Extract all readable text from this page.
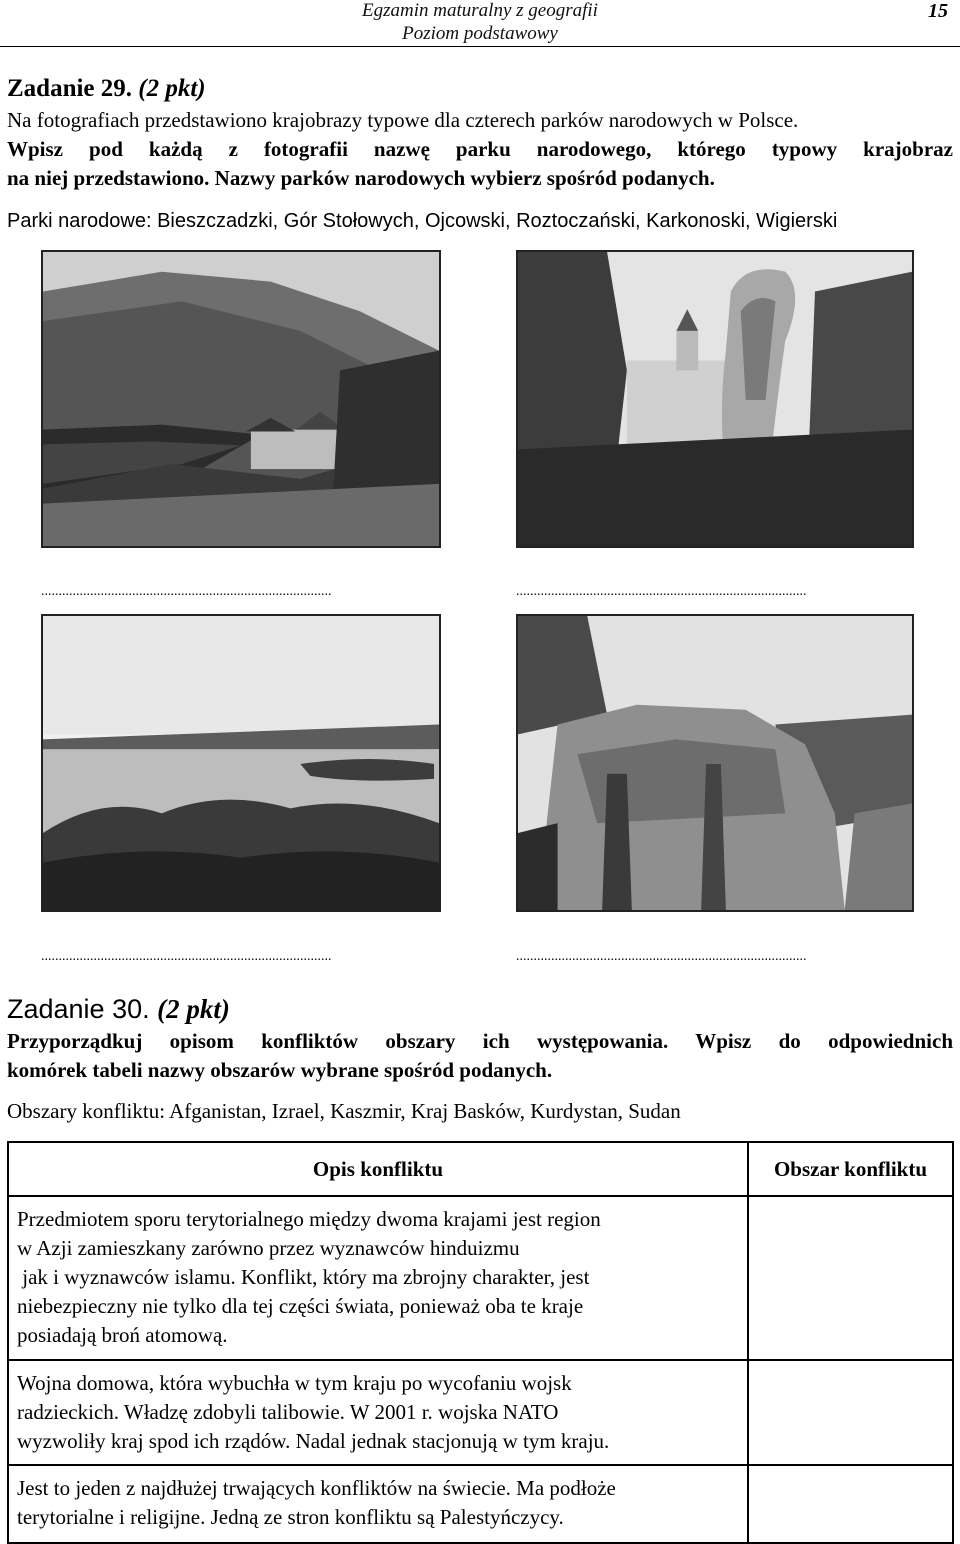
Egzamin maturalny z geografii
Poziom podstawowy
15
Zadanie 29. (2 pkt)

Na fotografiach przedstawiono krajobrazy typowe dla czterech parków narodowych w Polsce.

Wpisz pod każdą z fotografii nazwę parku narodowego, którego typowy krajobraz

na niej przedstawiono. Nazwy parków narodowych wybierz spośród podanych.

Parki narodowe: Bieszczadzki, Gór Stołowych, Ojcowski, Roztoczański, Karkonoski, Wigierski

...................................................................................	...................................................................................
...................................................................................	...................................................................................
Zadanie 30. (2 pkt)

Przyporządkuj opisom konfliktów obszary ich występowania. Wpisz do odpowiednich

komórek tabeli nazwy obszarów wybrane spośród podanych.

Obszary konfliktu: Afganistan, Izrael, Kaszmir, Kraj Basków, Kurdystan, Sudan

Opis konfliktu	Obszar konfliktu

Przedmiotem sporu terytorialnego między dwoma krajami jest region
w Azji zamieszkany zarówno przez wyznawców hinduizmu
jak i wyznawców islamu. Konflikt, który ma zbrojny charakter, jest
niebezpieczny nie tylko dla tej części świata, ponieważ oba te kraje
posiadają broń atomową.	

Wojna domowa, która wybuchła w tym kraju po wycofaniu wojsk
radzieckich. Władzę zdobyli talibowie. W 2001 r. wojska NATO
wyzwoliły kraj spod ich rządów. Nadal jednak stacjonują w tym kraju.	

Jest to jeden z najdłużej trwających konfliktów na świecie. Ma podłoże
terytorialne i religijne. Jedną ze stron konfliktu są Palestyńczycy.	
